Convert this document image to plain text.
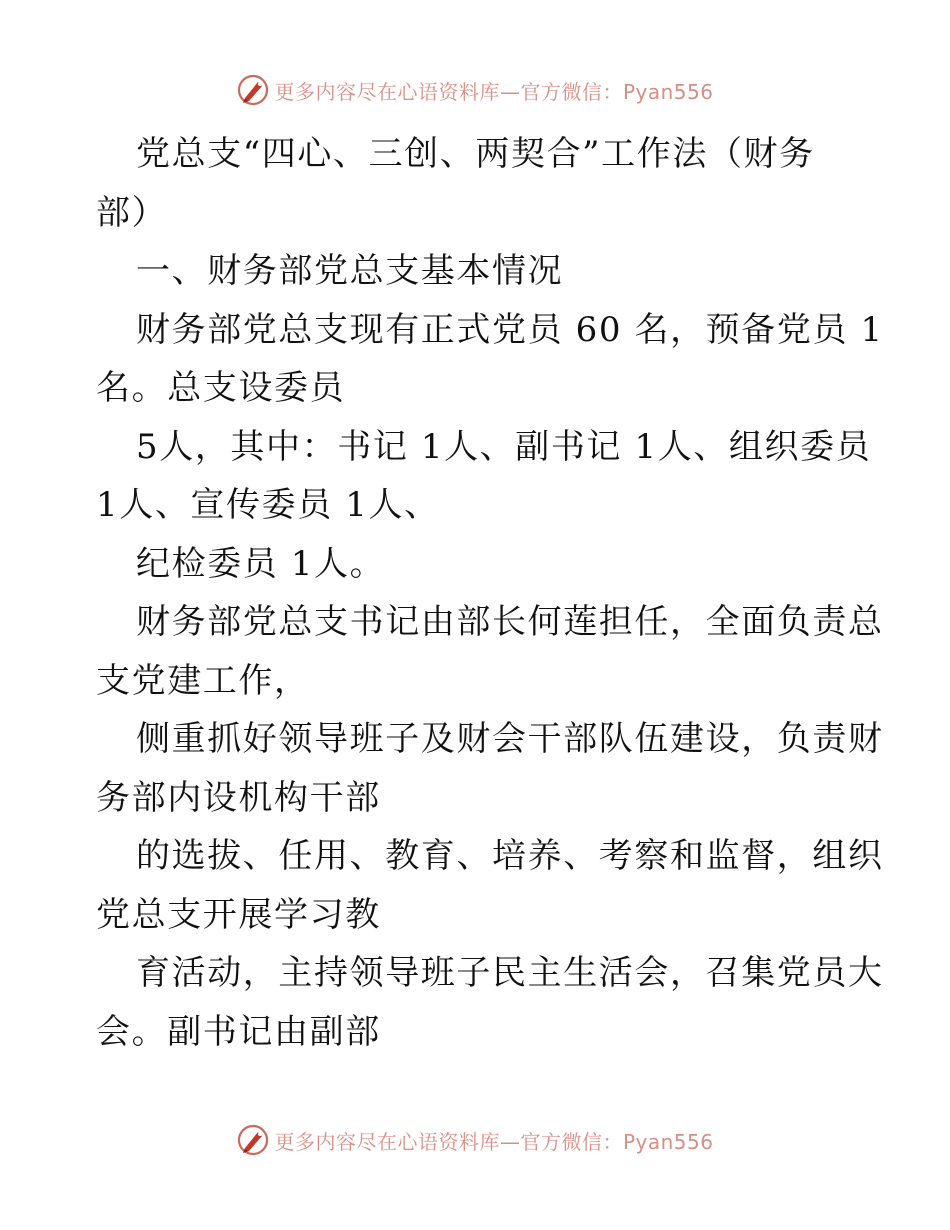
更多内容尽在心语资料库—官方微信：Pyan556
党总支“四心、三创、两契合”工作法（财务
部）
一、财务部党总支基本情况
财务部党总支现有正式党员 60 名，预备党员 1
名。总支设委员
5人，其中：书记 1人、副书记 1人、组织委员
1人、宣传委员 1人、
纪检委员 1人。
财务部党总支书记由部长何莲担任，全面负责总
支党建工作，
侧重抓好领导班子及财会干部队伍建设，负责财
务部内设机构干部
的选拔、任用、教育、培养、考察和监督，组织
党总支开展学习教
育活动，主持领导班子民主生活会，召集党员大
会。副书记由副部
更多内容尽在心语资料库—官方微信：Pyan556
